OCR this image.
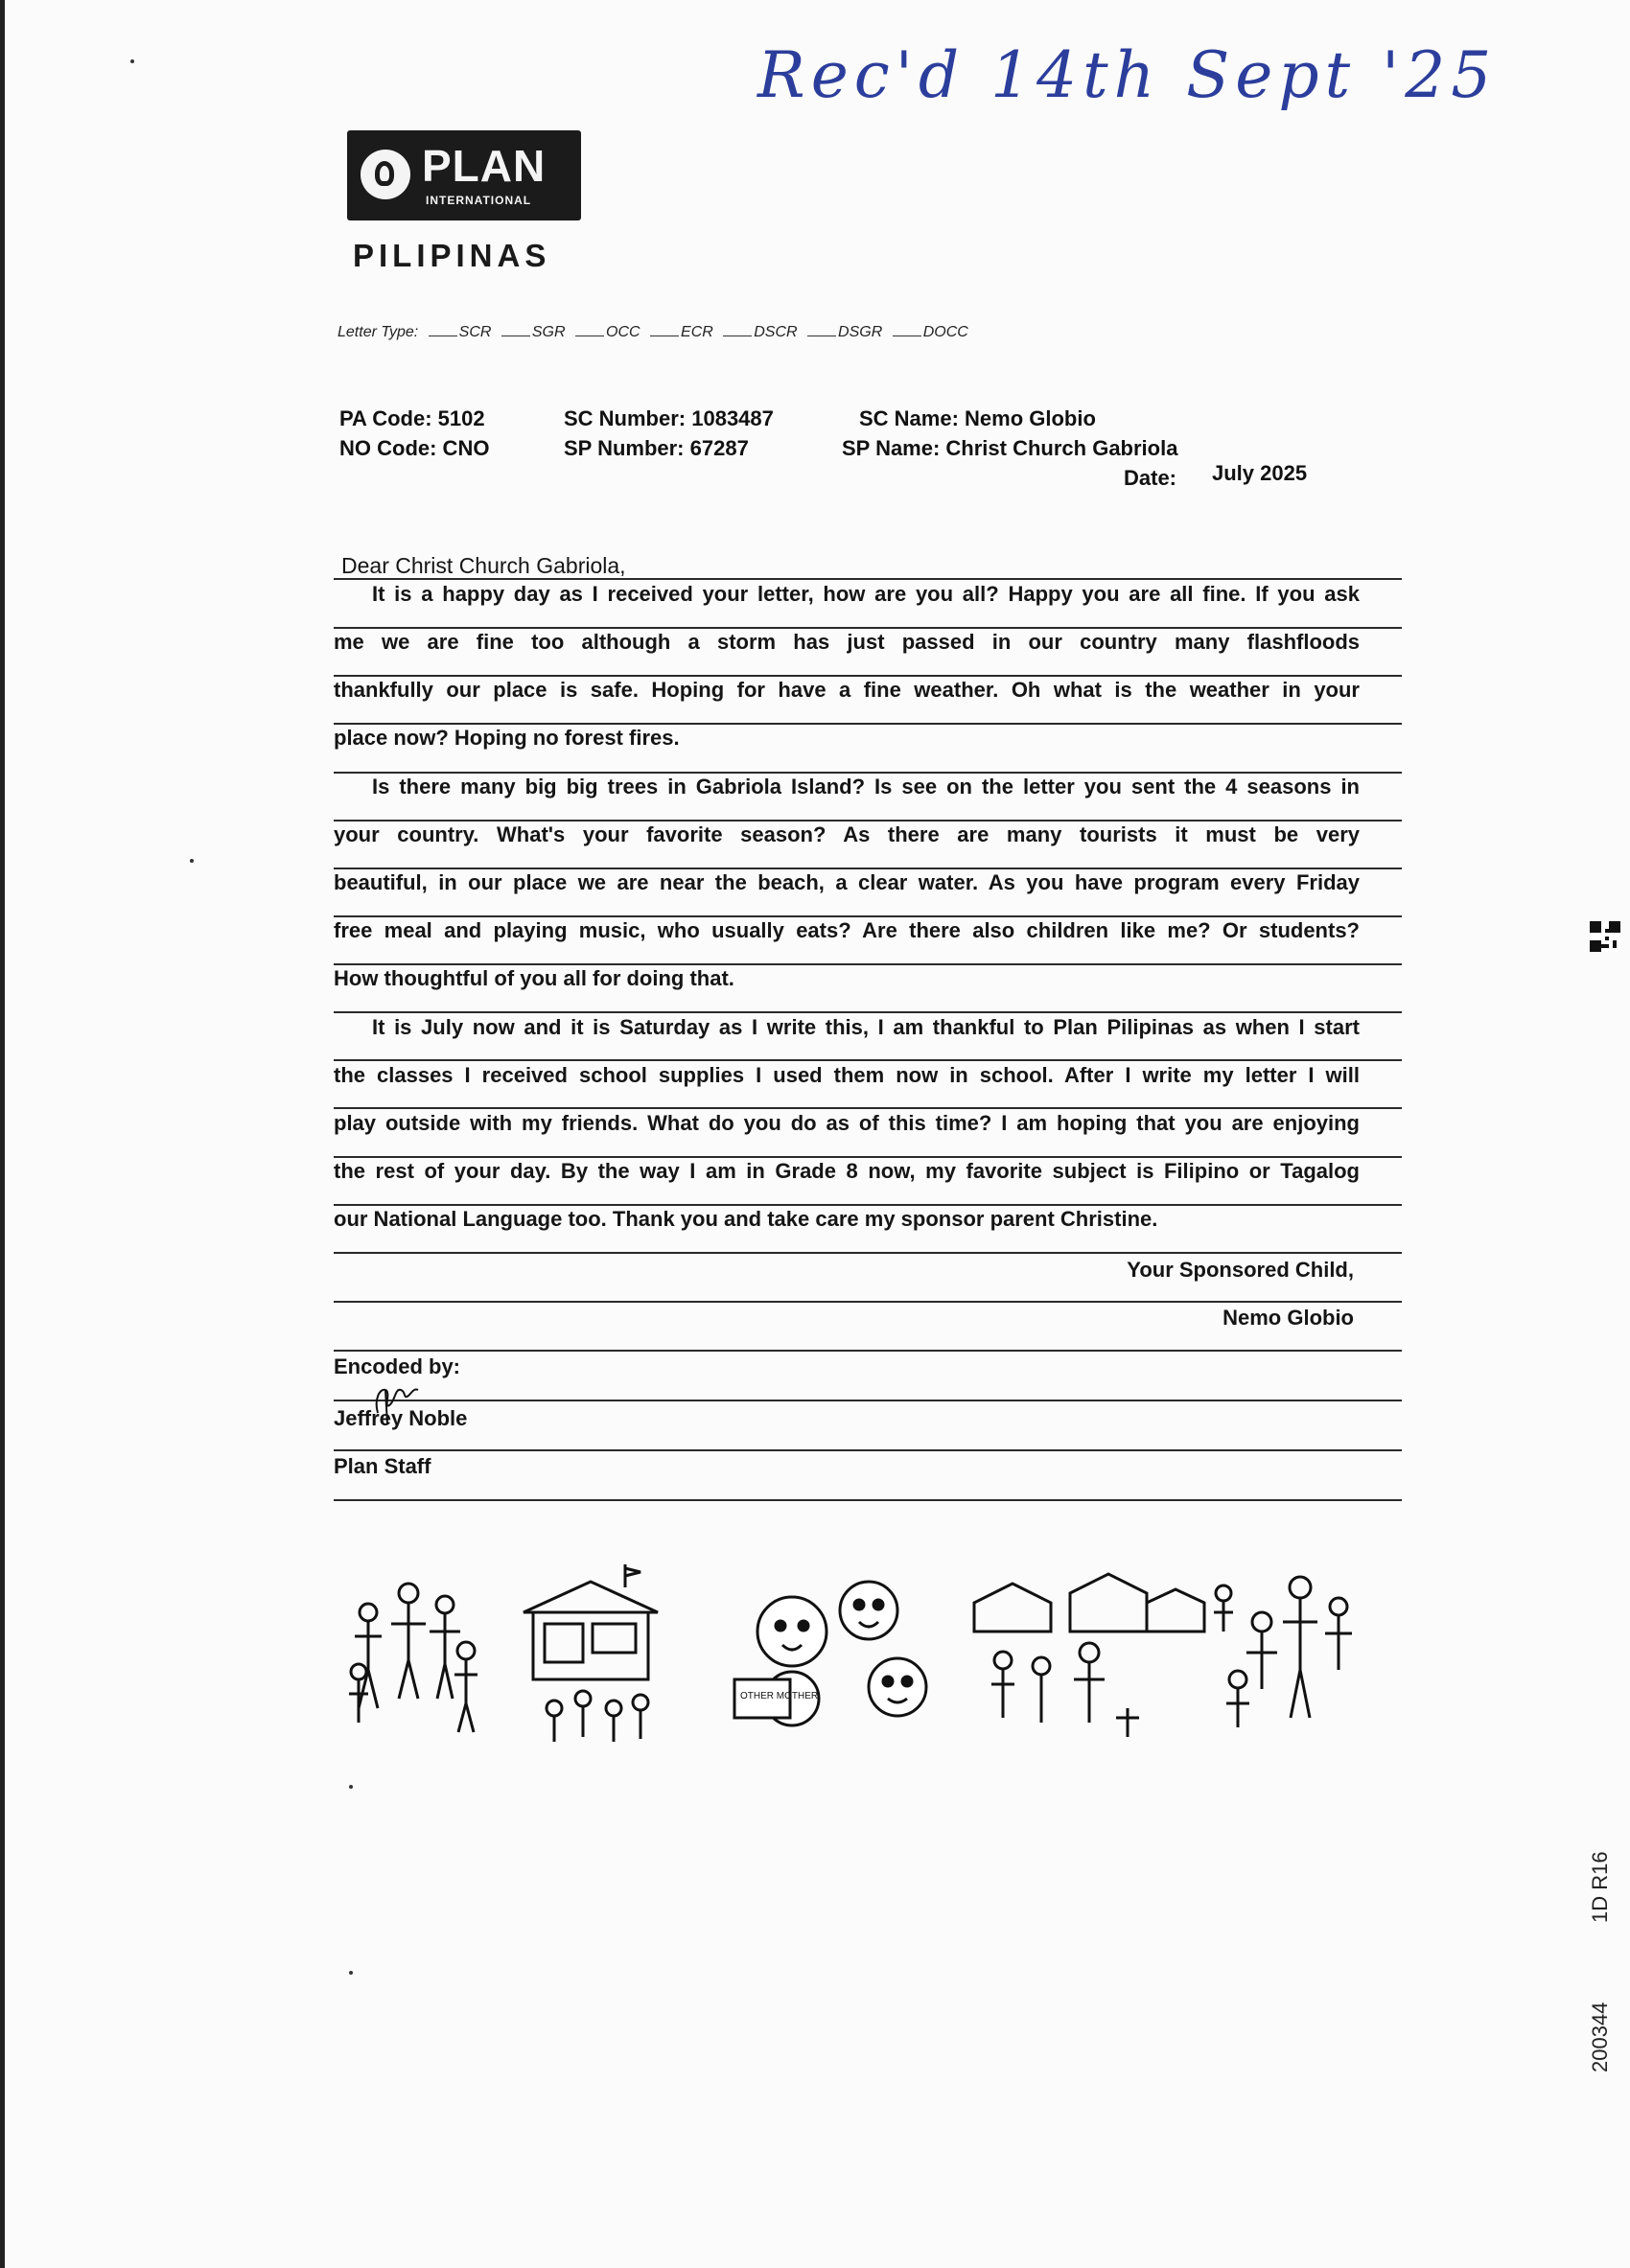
Rec'd 14th Sept '25
PLAN
INTERNATIONAL
PILIPINAS
Letter Type:	SCR	SGR	OCC	ECR	DSCR	DSGR	DOCC
PA Code: 5102
NO Code: CNO
SC Number: 1083487
SP Number: 67287
SC Name: Nemo Globio
SP Name: Christ Church Gabriola
Date: July 2025
Dear Christ Church Gabriola,
It is a happy day as I received your letter, how are you all? Happy you are all fine. If you ask
me we are fine too although a storm has just passed in our country many flashfloods
thankfully our place is safe. Hoping for have a fine weather. Oh what is the weather in your
place now? Hoping no forest fires.
Is there many big big trees in Gabriola Island? Is see on the letter you sent the 4 seasons in
your country. What's your favorite season? As there are many tourists it must be very
beautiful, in our place we are near the beach, a clear water. As you have program every Friday
free meal and playing music, who usually eats? Are there also children like me? Or students?
How thoughtful of you all for doing that.
It is July now and it is Saturday as I write this, I am thankful to Plan Pilipinas as when I start
the classes I received school supplies I used them now in school. After I write my letter I will
play outside with my friends. What do you do as of this time? I am hoping that you are enjoying
the rest of your day. By the way I am in Grade 8 now, my favorite subject is Filipino or Tagalog
our National Language too. Thank you and take care my sponsor parent Christine.
Your Sponsored Child,
Nemo Globio
Encoded by:
Jeffrey Noble
Plan Staff
OTHER MOTHER
1D R16
200344
